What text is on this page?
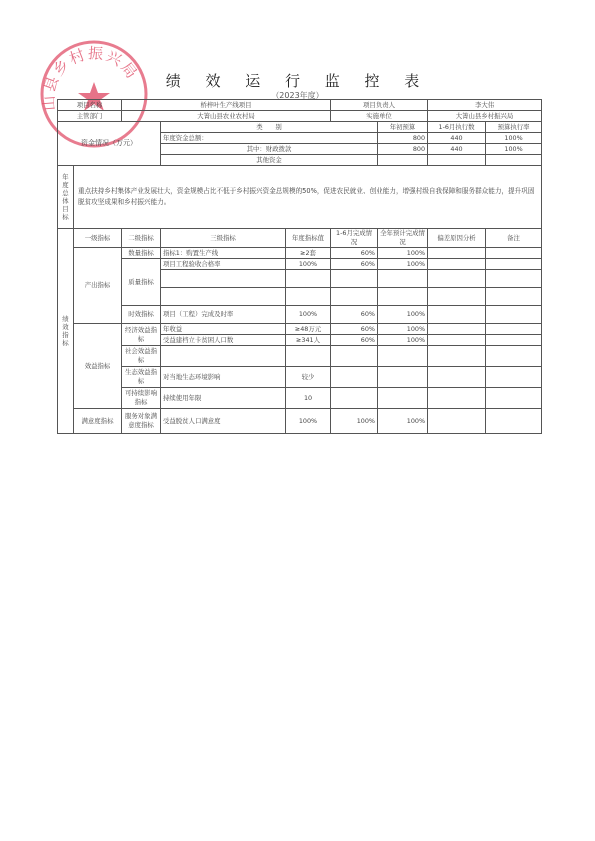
山县乡村振兴局	绩 效 运 行 监 控 表
（2023年度）
项目名称		桥梓叶生产线项目			项目负责人		李大伟	
主管部门		大箐山县农业农村局			实施单位		大箐山县乡村振兴局	
资金情况（万元）			类　　别			年初预算	1-6月执行数	预算执行率
			年度资金总额：			800	440	100%
			其中：财政拨款			800	440	100%
			其他资金					
年度总体目标	重点扶持乡村集体产业发展壮大，资金规模占比不低于乡村振兴资金总规模的50%，促进农民就业、创业能力，增强村级自我保障和服务群众能力，提升巩固脱贫攻坚成果和乡村振兴能力。							
绩效指标	一级指标	二级指标	三级指标	年度指标值	1-6月完成情况	全年预计完成情况	偏差原因分析	备注
	产出指标	数量指标	指标1：购置生产线	≥2套	60%	100%		
		质量指标	项目工程验收合格率	100%	60%	100%		

		时效指标	项目（工程）完成及时率	100%	60%	100%		
	效益指标	经济效益指标	年收益	≥48万元	60%	100%		
			受益建档立卡贫困人口数	≥341人	60%	100%		
		社会效益指标						
		生态效益指标	对当地生态环境影响	较少				
		可持续影响指标	持续使用年限	10				
	满意度指标	服务对象满意度指标	受益脱贫人口满意度	100%	100%	100%		
